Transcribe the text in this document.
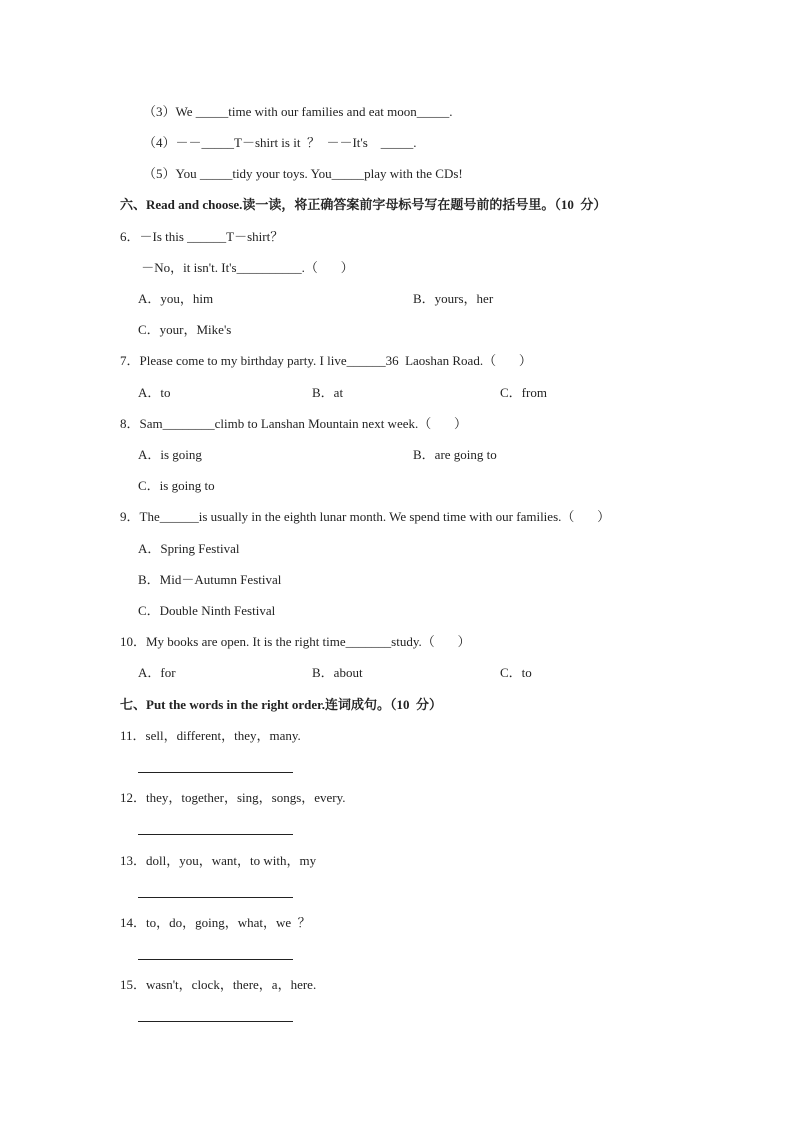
（3）We _____time with our families and eat moon_____.
（4）－－_____T－shirt is it  ？  －－It's    _____.
（5）You _____tidy your toys. You_____play with the CDs!
六、Read and choose.读一读，将正确答案前字母标号写在题号前的括号里。（10  分）
6．－Is this ______T－shirt？
－No，it isn't. It's__________.（       ）
A．you，him	B．yours，her
C．your，Mike's
7．Please come to my birthday party. I live______36  Laoshan Road.（       ）
A．to	B．at	C．from
8．Sam________climb to Lanshan Mountain next week.（       ）
A．is going	B．are going to
C．is going to
9．The______is usually in the eighth lunar month. We spend time with our families.（       ）
A．Spring Festival
B．Mid－Autumn Festival
C．Double Ninth Festival
10．My books are open. It is the right time_______study.（       ）
A．for	B．about	C．to
七、Put the words in the right order.连词成句。（10  分）
11．sell，different，they，many.
12．they，together，sing，songs，every.
13．doll，you，want，to with，my
14．to，do，going，what，we  ？
15．wasn't，clock，there，a，here.
